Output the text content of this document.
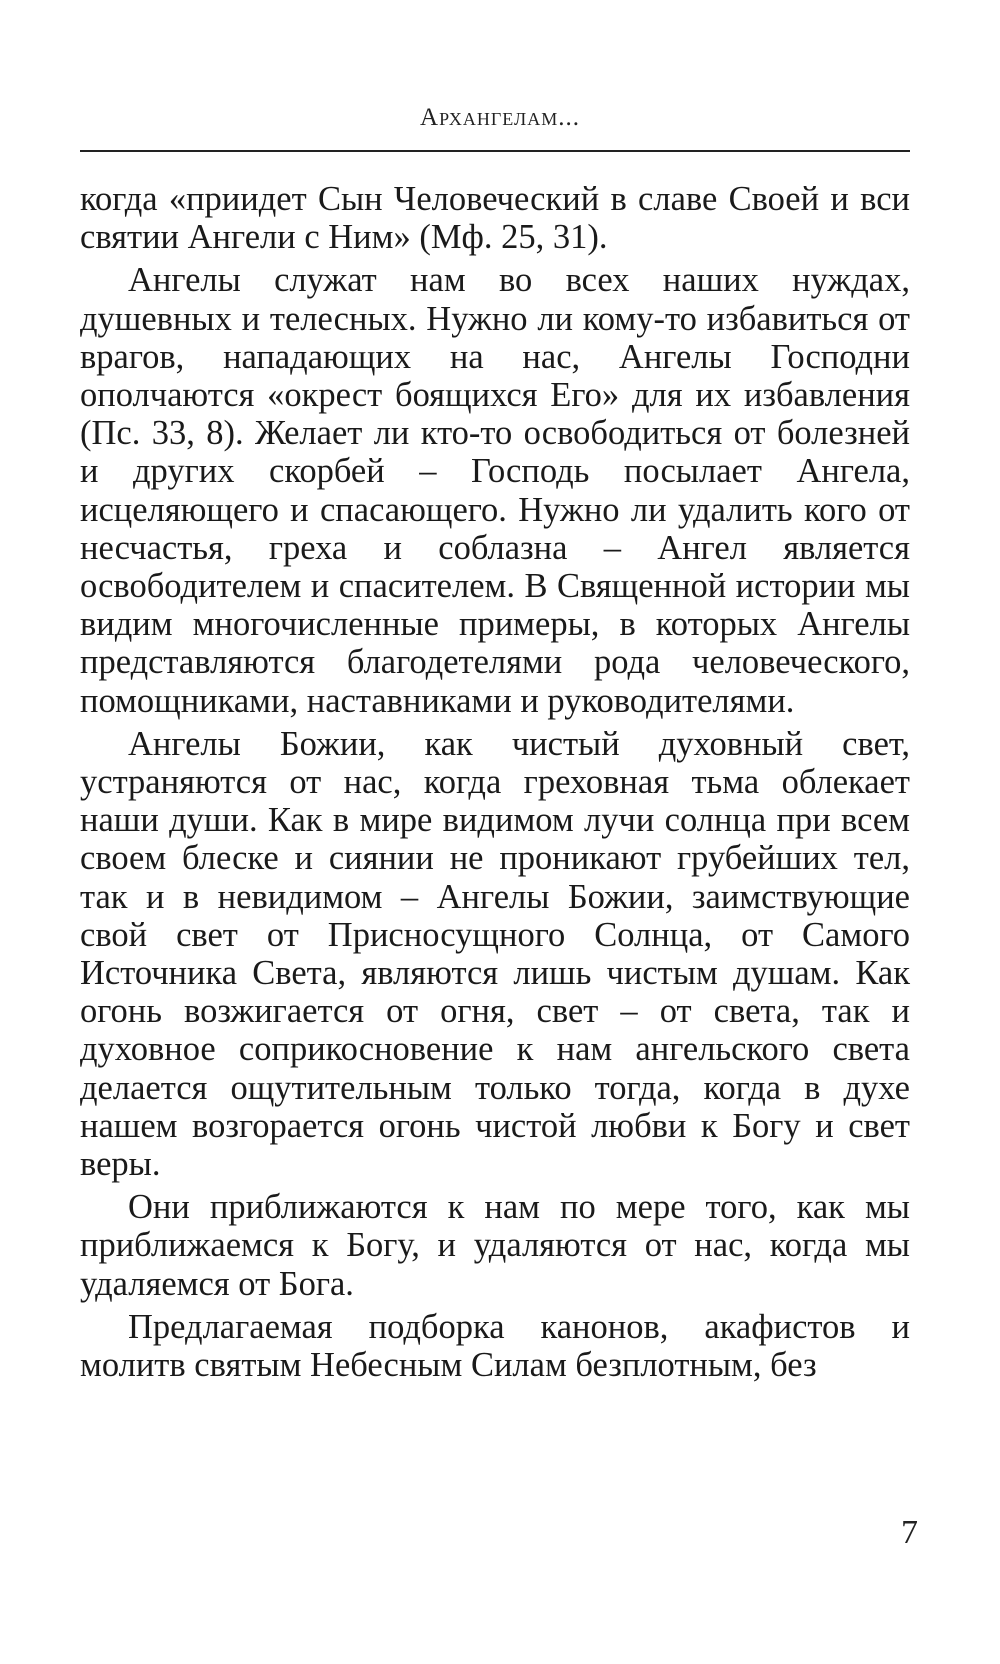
Архангелам...

когда «приидет Сын Человеческий в славе Своей и вси святии Ангели с Ним» (Мф. 25, 31).

Ангелы служат нам во всех наших нуждах, душевных и телесных. Нужно ли кому-то избавиться от врагов, нападающих на нас, Ангелы Господни ополчаются «окрест боящихся Его» для их избавления (Пс. 33, 8). Желает ли кто-то освободиться от болезней и других скорбей – Господь посылает Ангела, исцеляющего и спасающего. Нужно ли удалить кого от несчастья, греха и соблазна – Ангел является освободителем и спасителем. В Священной истории мы видим многочисленные примеры, в которых Ангелы представляются благодетелями рода человеческого, помощниками, наставниками и руководителями.

Ангелы Божии, как чистый духовный свет, устраняются от нас, когда греховная тьма облекает наши души. Как в мире видимом лучи солнца при всем своем блеске и сиянии не проникают грубейших тел, так и в невидимом – Ангелы Божии, заимствующие свой свет от Присносущного Солнца, от Самого Источника Света, являются лишь чистым душам. Как огонь возжигается от огня, свет – от света, так и духовное соприкосновение к нам ангельского света делается ощутительным только тогда, когда в духе нашем возгорается огонь чистой любви к Богу и свет веры.

Они приближаются к нам по мере того, как мы приближаемся к Богу, и удаляются от нас, когда мы удаляемся от Бога.

Предлагаемая подборка канонов, акафистов и молитв святым Небесным Силам безплотным, без

7
